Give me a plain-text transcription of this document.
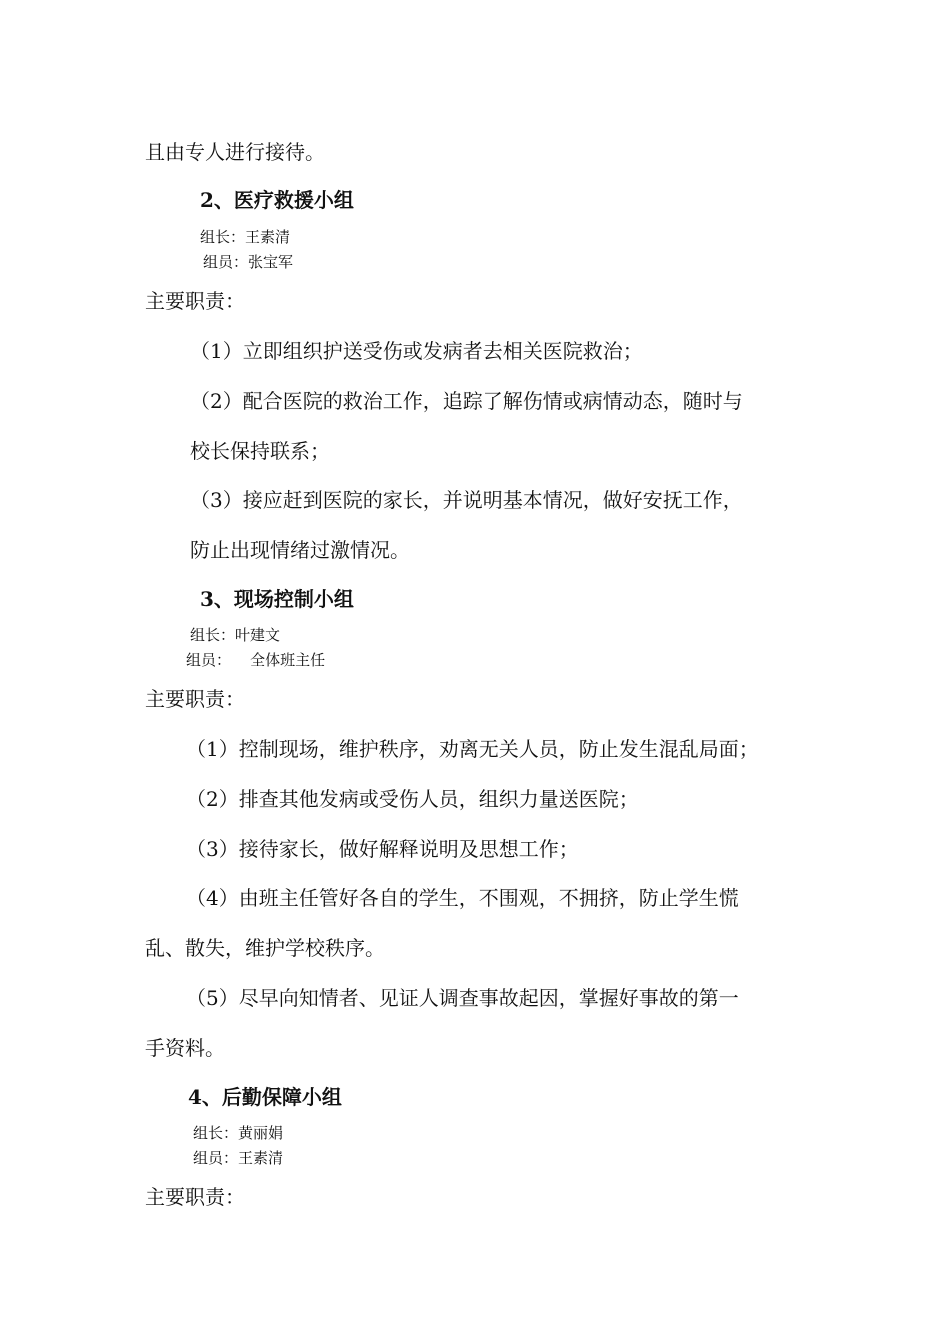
且由专人进行接待。
2、医疗救援小组
组长：王素清
组员：张宝军
主要职责：
（1）立即组织护送受伤或发病者去相关医院救治；
（2）配合医院的救治工作，追踪了解伤情或病情动态，随时与
校长保持联系；
（3）接应赶到医院的家长，并说明基本情况，做好安抚工作，
防止出现情绪过激情况。
3、现场控制小组
组长：叶建文
组员：    全体班主任
主要职责：
（1）控制现场，维护秩序，劝离无关人员，防止发生混乱局面；
（2）排查其他发病或受伤人员，组织力量送医院；
（3）接待家长，做好解释说明及思想工作；
（4）由班主任管好各自的学生，不围观，不拥挤，防止学生慌
乱、散失，维护学校秩序。
（5）尽早向知情者、见证人调查事故起因，掌握好事故的第一
手资料。
4、后勤保障小组
组长：黄丽娟
组员：王素清
主要职责：
